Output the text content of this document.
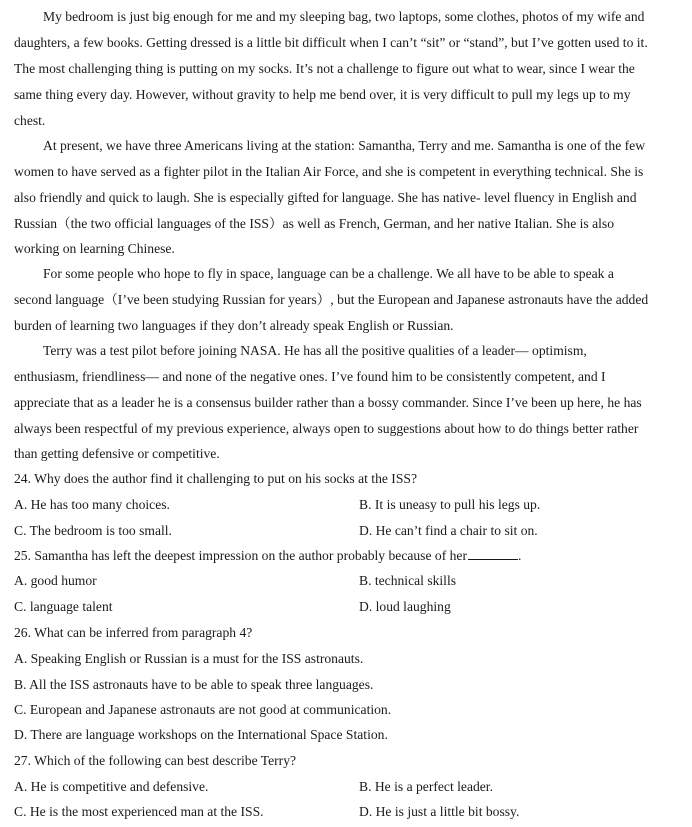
My bedroom is just big enough for me and my sleeping bag, two laptops, some clothes, photos of my wife and
daughters, a few books. Getting dressed is a little bit difficult when I can’t “sit” or “stand”, but I’ve gotten used to it.
The most challenging thing is putting on my socks. It’s not a challenge to figure out what to wear, since I wear the
same thing every day. However, without gravity to help me bend over, it is very difficult to pull my legs up to my
chest.
At present, we have three Americans living at the station: Samantha, Terry and me. Samantha is one of the few
women to have served as a fighter pilot in the Italian Air Force, and she is competent in everything technical. She is
also friendly and quick to laugh. She is especially gifted for language. She has native- level fluency in English and
Russian（the two official languages of the ISS）as well as French, German, and her native Italian. She is also
working on learning Chinese.
For some people who hope to fly in space, language can be a challenge. We all have to be able to speak a
second language（I’ve been studying Russian for years）, but the European and Japanese astronauts have the added
burden of learning two languages if they don’t already speak English or Russian.
Terry was a test pilot before joining NASA. He has all the positive qualities of a leader— optimism,
enthusiasm, friendliness— and none of the negative ones. I’ve found him to be consistently competent, and I
appreciate that as a leader he is a consensus builder rather than a bossy commander. Since I’ve been up here, he has
always been respectful of my previous experience, always open to suggestions about how to do things better rather
than getting defensive or competitive.
24. Why does the author find it challenging to put on his socks at the ISS?
A. He has too many choices.	B. It is uneasy to pull his legs up.
C. The bedroom is too small.	D. He can’t find a chair to sit on.
25. Samantha has left the deepest impression on the author probably because of her	.
A. good humor	B. technical skills
C. language talent	D. loud laughing
26. What can be inferred from paragraph 4?
A. Speaking English or Russian is a must for the ISS astronauts.
B. All the ISS astronauts have to be able to speak three languages.
C. European and Japanese astronauts are not good at communication.
D. There are language workshops on the International Space Station.
27. Which of the following can best describe Terry?
A. He is competitive and defensive.	B. He is a perfect leader.
C. He is the most experienced man at the ISS.	D. He is just a little bit bossy.
